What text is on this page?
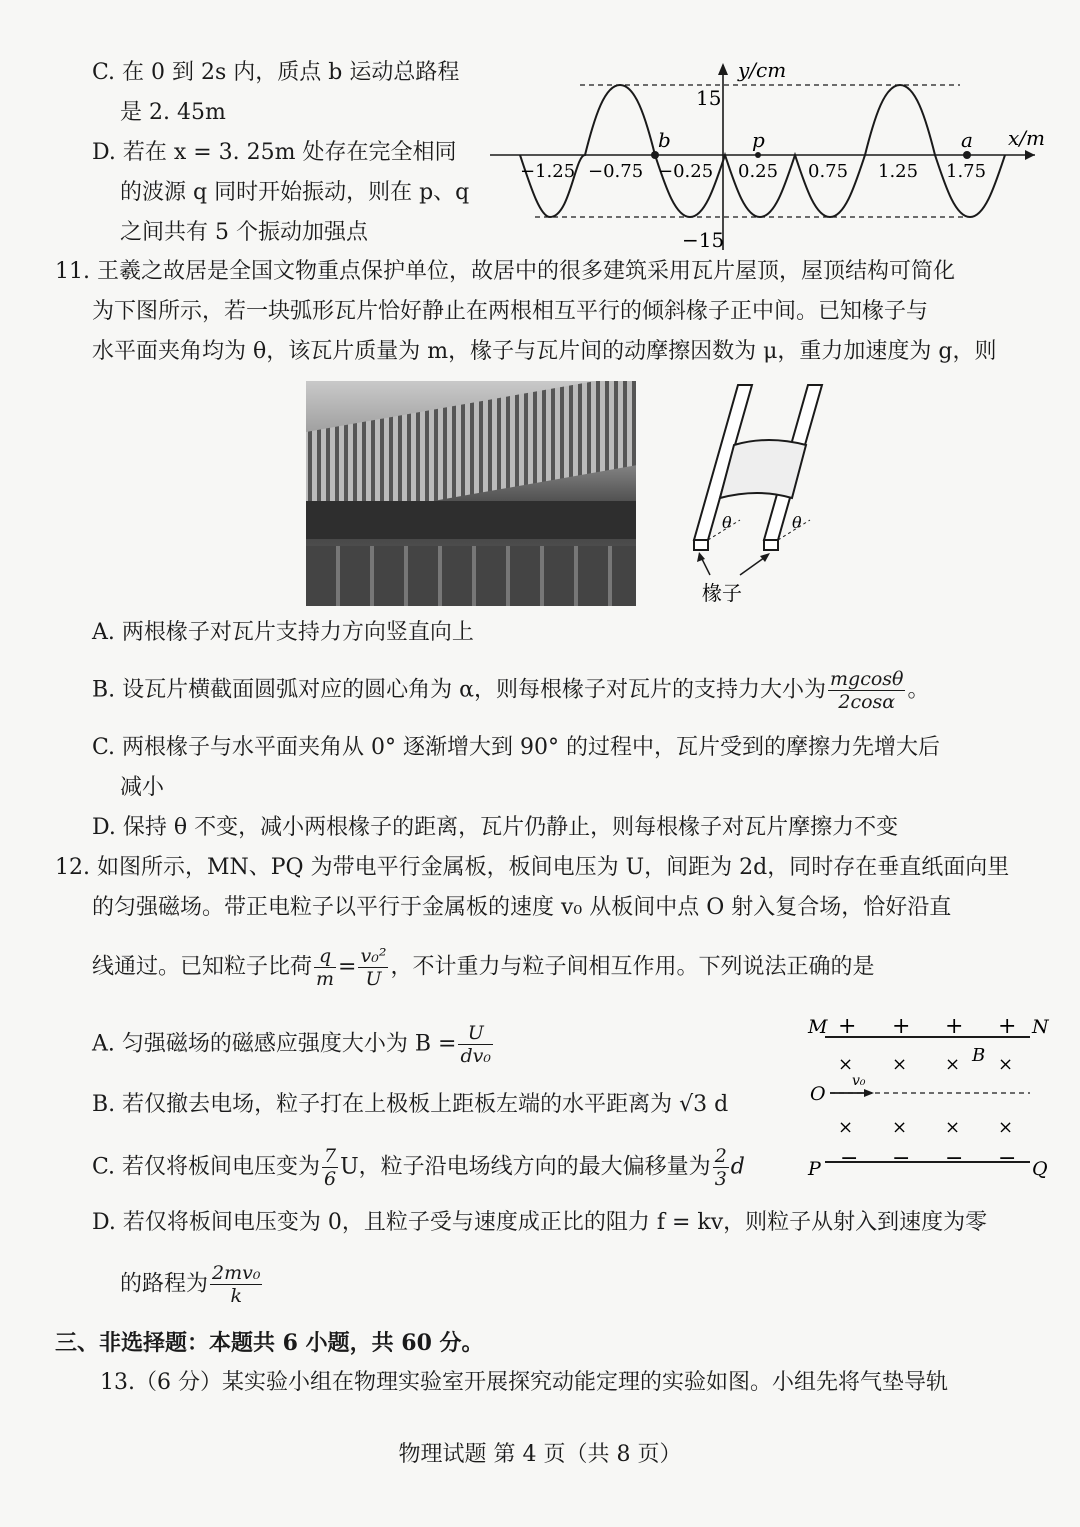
C. 在 0 到 2s 内，质点 b 运动总路程
是 2. 45m
D. 若在 x = 3. 25m 处存在完全相同
的波源 q 同时开始振动，则在 p、q
之间共有 5 个振动加强点
y/cm
x/m
15
−15
−1.25 −0.75 −0.25 0.25 0.75 1.25 1.75
b	p	a
11. 王羲之故居是全国文物重点保护单位，故居中的很多建筑采用瓦片屋顶，屋顶结构可简化
为下图所示，若一块弧形瓦片恰好静止在两根相互平行的倾斜椽子正中间。已知椽子与
水平面夹角均为 θ，该瓦片质量为 m，椽子与瓦片间的动摩擦因数为 μ，重力加速度为 g，则
θ	θ
椽子
A. 两根椽子对瓦片支持力方向竖直向上
B. 设瓦片横截面圆弧对应的圆心角为 α，则每根椽子对瓦片的支持力大小为 $\frac{mgcos\theta}{2\cos\alpha}$ 。
C. 两根椽子与水平面夹角从 0° 逐渐增大到 90° 的过程中，瓦片受到的摩擦力先增大后
减小
D. 保持 θ 不变，减小两根椽子的距离，瓦片仍静止，则每根椽子对瓦片摩擦力不变
12. 如图所示，MN、PQ 为带电平行金属板，板间电压为 U，间距为 2d，同时存在垂直纸面向里
的匀强磁场。带正电粒子以平行于金属板的速度 v₀ 从板间中点 O 射入复合场，恰好沿直
线通过。已知粒子比荷 $\frac{q}{m} = \frac{\text{v₀²}}{U}$ ，不计重力与粒子间相互作用。下列说法正确的是
A. 匀强磁场的磁感应强度大小为 $B = \frac{U}{\text{dv₀}}$
B. 若仅撤去电场，粒子打在上极板上距板左端的水平距离为 √3 d
C. 若仅将板间电压变为 $\frac{7}{6}$ U，粒子沿电场线方向的最大偏移量为 $\frac{2}{3}$ d
D. 若仅将板间电压变为 0，且粒子受与速度成正比的阻力 f = kv，则粒子从射入到速度为零
的路程为 $\frac{\text{2mv₀}}{k}$
M	N
P	Q
+ + + +
− − − −
× × × ×
B
O
v₀
× × × ×
三、非选择题：本题共 6 小题，共 60 分。
13.（6 分）某实验小组在物理实验室开展探究动能定理的实验如图。小组先将气垫导轨
物理试题 第 4 页（共 8 页）
